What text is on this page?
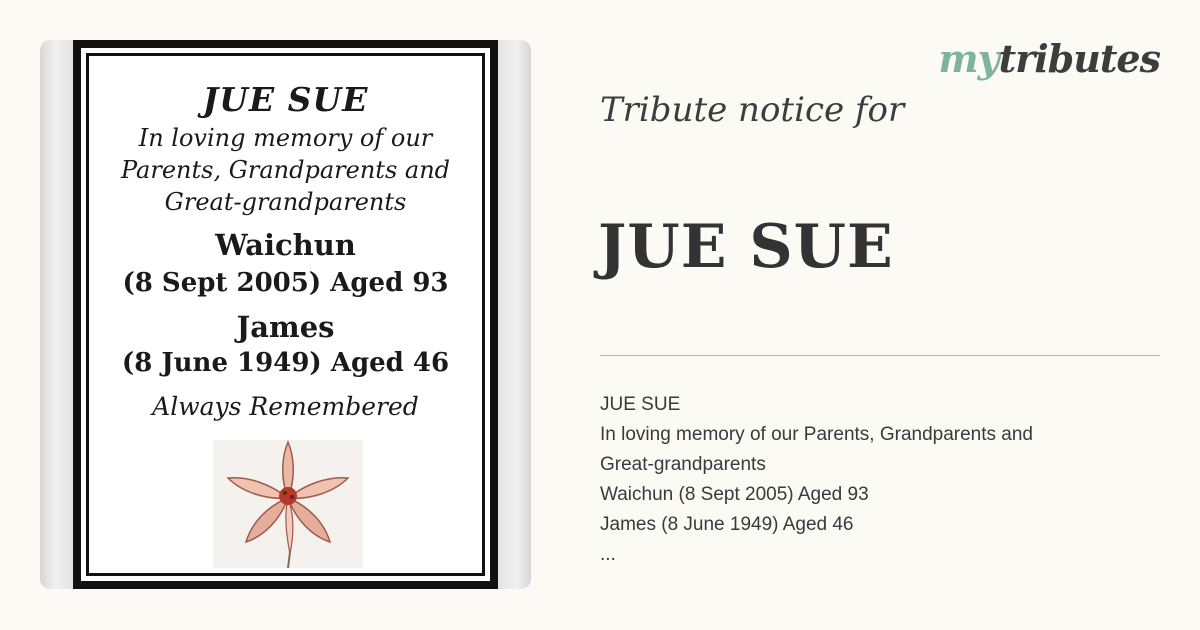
JUE SUE
In loving memory of our Parents, Grandparents and Great-grandparents
Waichun
(8 Sept 2005) Aged 93
James
(8 June 1949) Aged 46
Always Remembered
mytributes
Tribute notice for
JUE SUE
JUE SUE
In loving memory of our Parents, Grandparents and
Great-grandparents
Waichun (8 Sept 2005) Aged 93
James (8 June 1949) Aged 46
...
